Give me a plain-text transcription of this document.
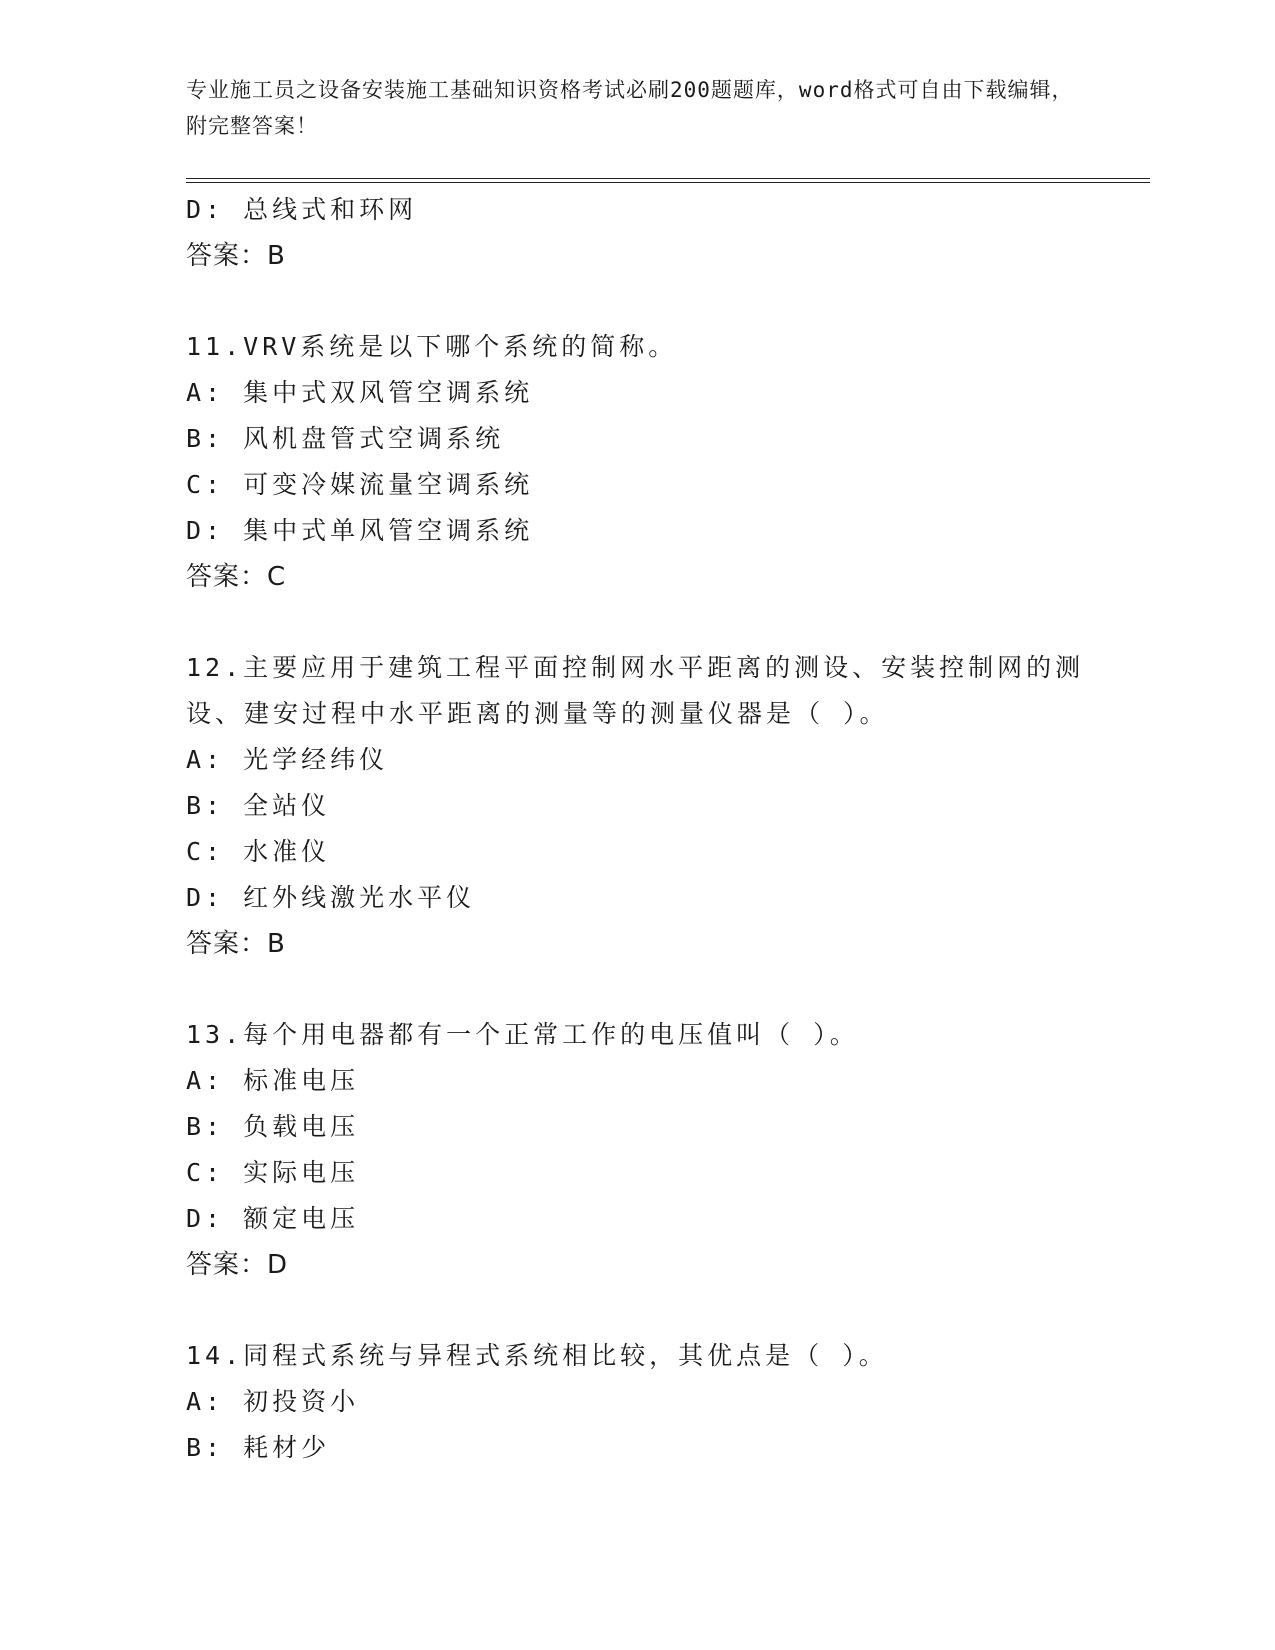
专业施工员之设备安装施工基础知识资格考试必刷200题题库，word格式可自由下载编辑，附完整答案！
D: 总线式和环网
答案：B
11.VRV系统是以下哪个系统的简称。
A: 集中式双风管空调系统
B: 风机盘管式空调系统
C: 可变冷媒流量空调系统
D: 集中式单风管空调系统
答案：C
12.主要应用于建筑工程平面控制网水平距离的测设、安装控制网的测设、建安过程中水平距离的测量等的测量仪器是（ ）。
A: 光学经纬仪
B: 全站仪
C: 水准仪
D: 红外线激光水平仪
答案：B
13.每个用电器都有一个正常工作的电压值叫（ ）。
A: 标准电压
B: 负载电压
C: 实际电压
D: 额定电压
答案：D
14.同程式系统与异程式系统相比较，其优点是（ ）。
A: 初投资小
B: 耗材少
